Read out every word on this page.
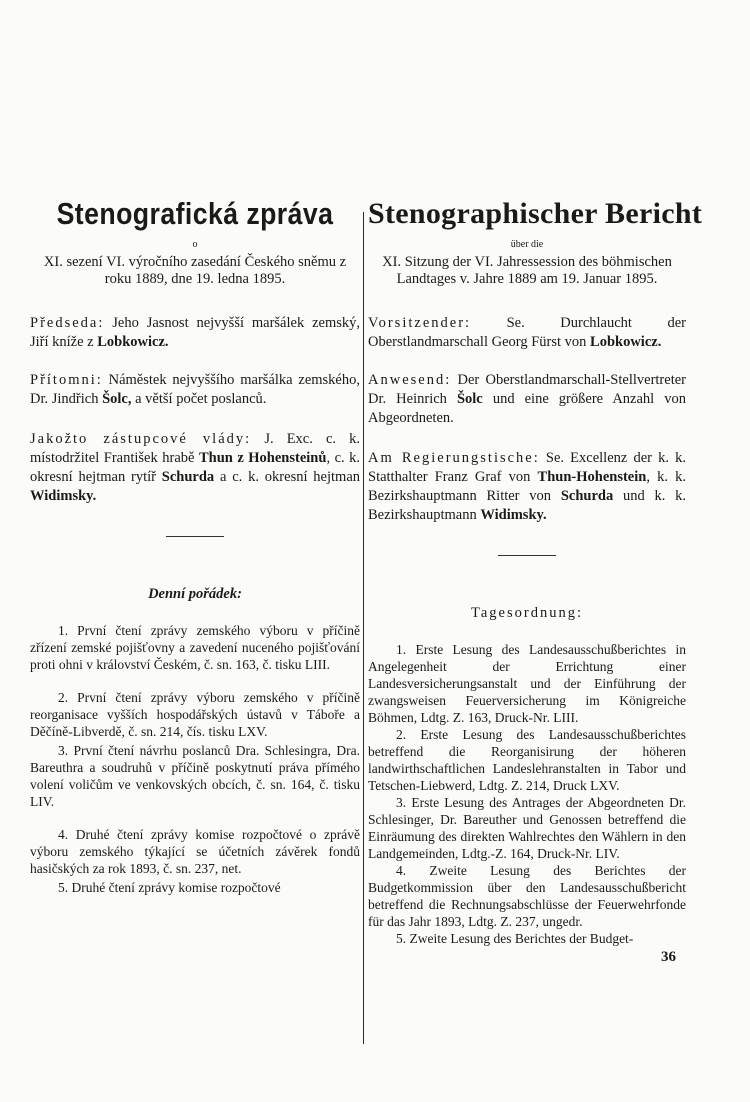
Stenografická zpráva
o
XI. sezení VI. výročního zasedání Českého sněmu z roku 1889, dne 19. ledna 1895.

Předseda: Jeho Jasnost nejvyšší maršálek zemský, Jiří kníže z Lobkowicz.

Přítomni: Náměstek nejvyššího maršálka zemského, Dr. Jindřich Šolc, a větší počet poslanců.

Jakožto zástupcové vlády: J. Exc. c. k. místodržitel František hrabě Thun z Hohensteinů, c. k. okresní hejtman rytíř Schurda a c. k. okresní hejtman Widimsky.

Denní pořádek:

1. První čtení zprávy zemského výboru v příčině zřízení zemské pojišťovny a zavedení nuceného pojišťování proti ohni v království Českém, č. sn. 163, č. tisku LIII.

2. První čtení zprávy výboru zemského v příčině reorganisace vyšších hospodářských ústavů v Táboře a Děčíně-Libverdě, č. sn. 214, čís. tisku LXV.

3. První čtení návrhu poslanců Dra. Schlesingra, Dra. Bareuthra a soudruhů v příčině poskytnutí práva přímého volení voličům ve venkovských obcích, č. sn. 164, č. tisku LIV.

4. Druhé čtení zprávy komise rozpočtové o zprávě výboru zemského týkající se účetních závěrek fondů hasičských za rok 1893, č. sn. 237, net.

5. Druhé čtení zprávy komise rozpočtové

Stenographischer Bericht
über die
XI. Sitzung der VI. Jahressession des böhmischen Landtages v. Jahre 1889 am 19. Januar 1895.

Vorsitzender: Se. Durchlaucht der Oberstlandmarschall Georg Fürst von Lobkowicz.

Anwesend: Der Oberstlandmarschall-Stellvertreter Dr. Heinrich Šolc und eine größere Anzahl von Abgeordneten.

Am Regierungstische: Se. Excellenz der k. k. Statthalter Franz Graf von Thun-Hohenstein, k. k. Bezirkshauptmann Ritter von Schurda und k. k. Bezirkshauptmann Widimsky.

Tagesordnung:

1. Erste Lesung des Landesausschußberichtes in Angelegenheit der Errichtung einer Landesversicherungsanstalt und der Einführung der zwangsweisen Feuerversicherung im Königreiche Böhmen, Ldtg. Z. 163, Druck-Nr. LIII.

2. Erste Lesung des Landesausschußberichtes betreffend die Reorganisirung der höheren landwirthschaftlichen Landeslehranstalten in Tabor und Tetschen-Liebwerd, Ldtg. Z. 214, Druck LXV.

3. Erste Lesung des Antrages der Abgeordneten Dr. Schlesinger, Dr. Bareuther und Genossen betreffend die Einräumung des direkten Wahlrechtes den Wählern in den Landgemeinden, Ldtg.-Z. 164, Druck-Nr. LIV.

4. Zweite Lesung des Berichtes der Budgetkommission über den Landesausschußbericht betreffend die Rechnungsabschlüsse der Feuerwehrfonde für das Jahr 1893, Ldtg. Z. 237, ungedr.

5. Zweite Lesung des Berichtes der Budget-

36
